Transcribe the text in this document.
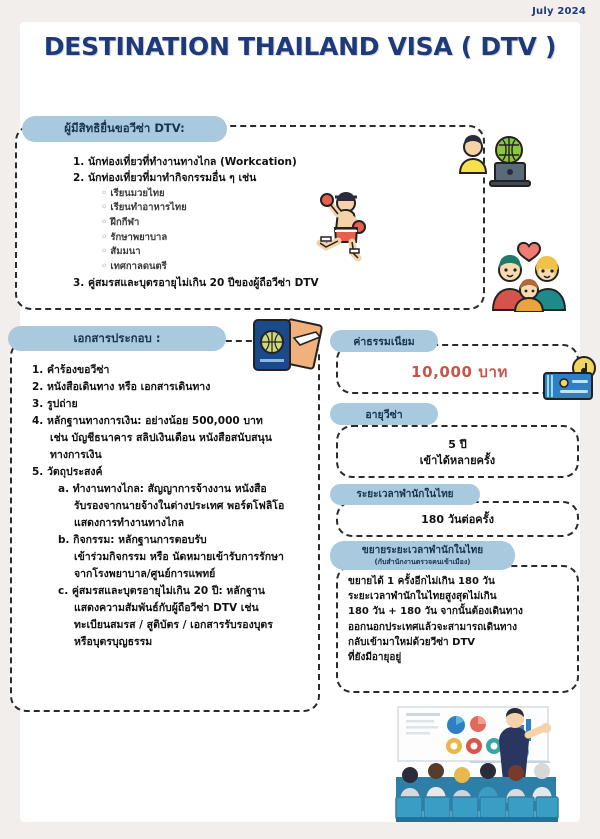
July 2024
DESTINATION THAILAND VISA ( DTV )
1. นักท่องเที่ยวที่ทำงานทางไกล (Workcation)
2. นักท่องเที่ยวที่มาทำกิจกรรมอื่น ๆ เช่น
◦ เรียนมวยไทย
◦ เรียนทำอาหารไทย
◦ ฝึกกีฬา
◦ รักษาพยาบาล
◦ สัมมนา
◦ เทศกาลดนตรี
3. คู่สมรสและบุตรอายุไม่เกิน 20 ปีของผู้ถือวีซ่า DTV
ผู้มีสิทธิยื่นขอวีซ่า DTV:
1. คำร้องขอวีซ่า
2. หนังสือเดินทาง หรือ เอกสารเดินทาง
3. รูปถ่าย
4. หลักฐานทางการเงิน: อย่างน้อย 500,000 บาท
เช่น บัญชีธนาคาร สลิปเงินเดือน หนังสือสนับสนุน
ทางการเงิน
5. วัตถุประสงค์
a. ทำงานทางไกล: สัญญาการจ้างงาน หนังสือ
รับรองจากนายจ้างในต่างประเทศ พอร์ตโฟลิโอ
แสดงการทำงานทางไกล
b. กิจกรรม: หลักฐานการตอบรับ
เข้าร่วมกิจกรรม หรือ นัดหมายเข้ารับการรักษา
จากโรงพยาบาล/ศูนย์การแพทย์
c. คู่สมรสและบุตรอายุไม่เกิน 20 ปี: หลักฐาน
แสดงความสัมพันธ์กับผู้ถือวีซ่า DTV เช่น
ทะเบียนสมรส / สูติบัตร / เอกสารรับรองบุตร
หรือบุตรบุญธรรม
เอกสารประกอบ :
10,000 บาท
ค่าธรรมเนียม
5 ปี
เข้าได้หลายครั้ง
อายุวีซ่า
180 วันต่อครั้ง
ระยะเวลาพำนักในไทย
ขยายได้ 1 ครั้งอีกไม่เกิน 180 วัน
ระยะเวลาพำนักในไทยสูงสุดไม่เกิน
180 วัน + 180 วัน จากนั้นต้องเดินทาง
ออกนอกประเทศแล้วจะสามารถเดินทาง
กลับเข้ามาใหม่ด้วยวีซ่า DTV
ที่ยังมีอายุอยู่
ขยายระยะเวลาพำนักในไทย
(กับสำนักงานตรวจคนเข้าเมือง)
